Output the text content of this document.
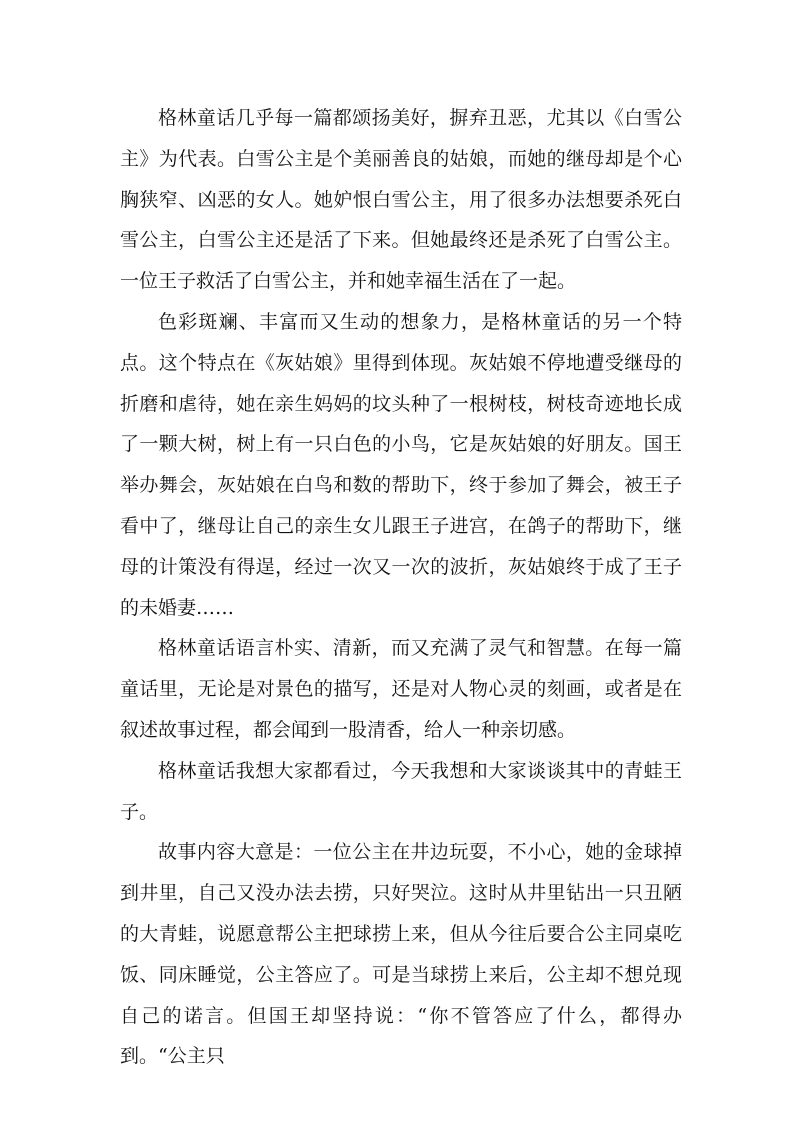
格林童话几乎每一篇都颂扬美好，摒弃丑恶，尤其以《白雪公主》为代表。白雪公主是个美丽善良的姑娘，而她的继母却是个心胸狭窄、凶恶的女人。她妒恨白雪公主，用了很多办法想要杀死白雪公主，白雪公主还是活了下来。但她最终还是杀死了白雪公主。一位王子救活了白雪公主，并和她幸福生活在了一起。

色彩斑斓、丰富而又生动的想象力，是格林童话的另一个特点。这个特点在《灰姑娘》里得到体现。灰姑娘不停地遭受继母的折磨和虐待，她在亲生妈妈的坟头种了一根树枝，树枝奇迹地长成了一颗大树，树上有一只白色的小鸟，它是灰姑娘的好朋友。国王举办舞会，灰姑娘在白鸟和数的帮助下，终于参加了舞会，被王子看中了，继母让自己的亲生女儿跟王子进宫，在鸽子的帮助下，继母的计策没有得逞，经过一次又一次的波折，灰姑娘终于成了王子的未婚妻……

格林童话语言朴实、清新，而又充满了灵气和智慧。在每一篇童话里，无论是对景色的描写，还是对人物心灵的刻画，或者是在叙述故事过程，都会闻到一股清香，给人一种亲切感。

格林童话我想大家都看过，今天我想和大家谈谈其中的青蛙王子。

故事内容大意是：一位公主在井边玩耍，不小心，她的金球掉到井里，自己又没办法去捞，只好哭泣。这时从井里钻出一只丑陋的大青蛙，说愿意帮公主把球捞上来，但从今往后要合公主同桌吃饭、同床睡觉，公主答应了。可是当球捞上来后，公主却不想兑现自己的诺言。但国王却坚持说：“你不管答应了什么，都得办到。“公主只
